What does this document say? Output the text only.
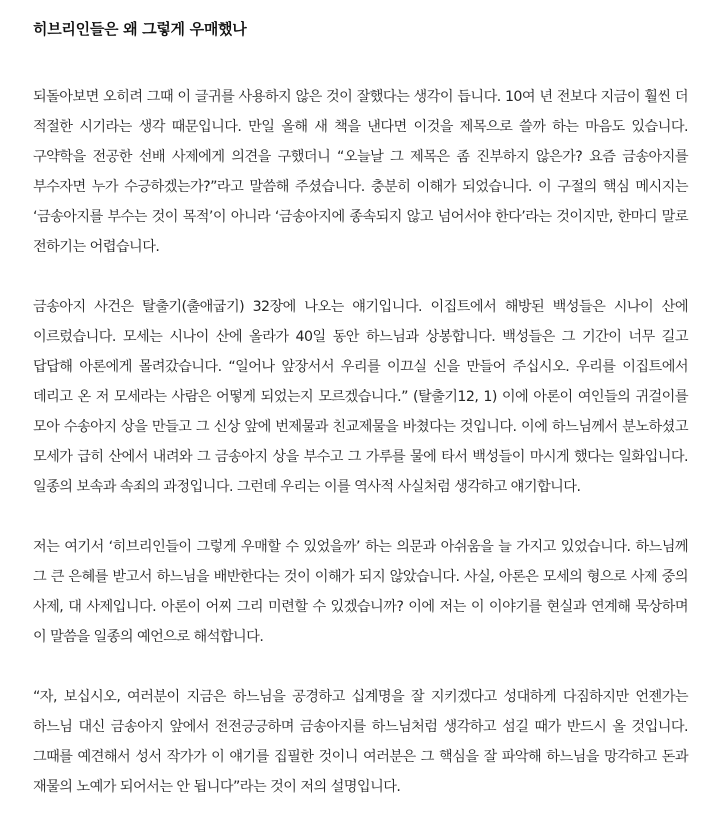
히브리인들은 왜 그렇게 우매했나

되돌아보면 오히려 그때 이 글귀를 사용하지 않은 것이 잘했다는 생각이 듭니다. 10여 년 전보다 지금이 훨씬 더 적절한 시기라는 생각 때문입니다. 만일 올해 새 책을 낸다면 이것을 제목으로 쓸까 하는 마음도 있습니다. 구약학을 전공한 선배 사제에게 의견을 구했더니 “오늘날 그 제목은 좀 진부하지 않은가? 요즘 금송아지를 부수자면 누가 수긍하겠는가?”라고 말씀해 주셨습니다. 충분히 이해가 되었습니다. 이 구절의 핵심 메시지는 ‘금송아지를 부수는 것이 목적’이 아니라 ‘금송아지에 종속되지 않고 넘어서야 한다’라는 것이지만, 한마디 말로 전하기는 어렵습니다.

금송아지 사건은 탈출기(출애굽기) 32장에 나오는 얘기입니다. 이집트에서 해방된 백성들은 시나이 산에 이르렀습니다. 모세는 시나이 산에 올라가 40일 동안 하느님과 상봉합니다. 백성들은 그 기간이 너무 길고 답답해 아론에게 몰려갔습니다. “일어나 앞장서서 우리를 이끄실 신을 만들어 주십시오. 우리를 이집트에서 데리고 온 저 모세라는 사람은 어떻게 되었는지 모르겠습니다.” (탈출기12, 1) 이에 아론이 여인들의 귀걸이를 모아 수송아지 상을 만들고 그 신상 앞에 번제물과 친교제물을 바쳤다는 것입니다. 이에 하느님께서 분노하셨고 모세가 급히 산에서 내려와 그 금송아지 상을 부수고 그 가루를 물에 타서 백성들이 마시게 했다는 일화입니다. 일종의 보속과 속죄의 과정입니다. 그런데 우리는 이를 역사적 사실처럼 생각하고 얘기합니다.

저는 여기서 ‘히브리인들이 그렇게 우매할 수 있었을까’ 하는 의문과 아쉬움을 늘 가지고 있었습니다. 하느님께 그 큰 은혜를 받고서 하느님을 배반한다는 것이 이해가 되지 않았습니다. 사실, 아론은 모세의 형으로 사제 중의 사제, 대 사제입니다. 아론이 어찌 그리 미련할 수 있겠습니까? 이에 저는 이 이야기를 현실과 연계해 묵상하며 이 말씀을 일종의 예언으로 해석합니다.

“자, 보십시오, 여러분이 지금은 하느님을 공경하고 십계명을 잘 지키겠다고 성대하게 다짐하지만 언젠가는 하느님 대신 금송아지 앞에서 전전긍긍하며 금송아지를 하느님처럼 생각하고 섬길 때가 반드시 올 것입니다. 그때를 예견해서 성서 작가가 이 얘기를 집필한 것이니 여러분은 그 핵심을 잘 파악해 하느님을 망각하고 돈과 재물의 노예가 되어서는 안 됩니다”라는 것이 저의 설명입니다.
